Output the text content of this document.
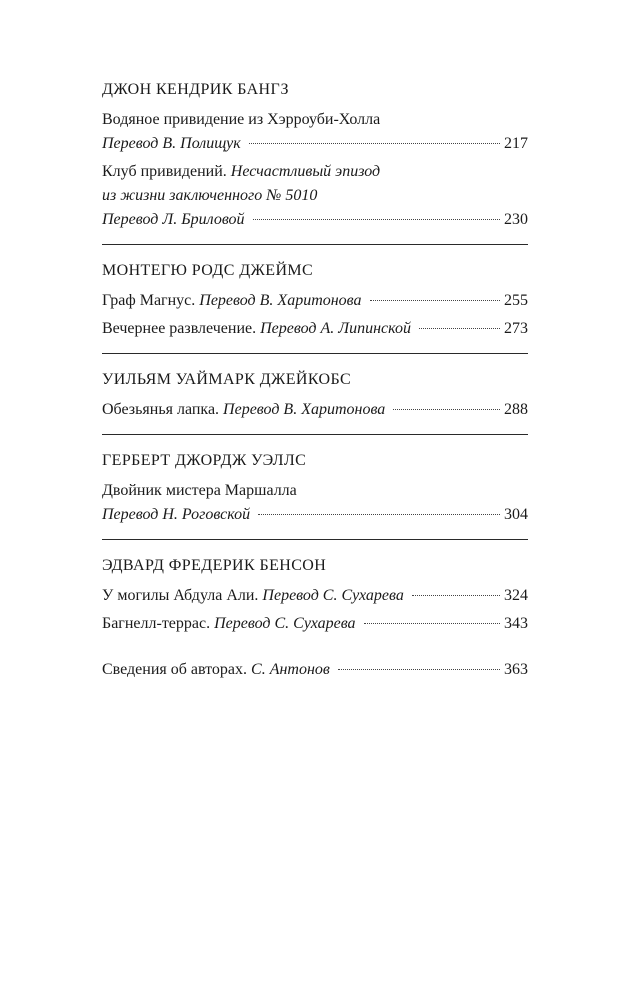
ДЖОН КЕНДРИК БАНГЗ
Водяное привидение из Хэрроуби-Холла
Перевод В. Полищук	217
Клуб привидений. Несчастливый эпизод
из жизни заключенного № 5010
Перевод Л. Бриловой	230
МОНТЕГЮ РОДС ДЖЕЙМС
Граф Магнус.
Перевод В. Харитонова	255
Вечернее развлечение.
Перевод А. Липинской	273
УИЛЬЯМ УАЙМАРК ДЖЕЙКОБС
Обезьянья лапка.
Перевод В. Харитонова	288
ГЕРБЕРТ ДЖОРДЖ УЭЛЛС
Двойник мистера Маршалла
Перевод Н. Роговской	304
ЭДВАРД ФРЕДЕРИК БЕНСОН
У могилы Абдула Али.
Перевод С. Сухарева	324
Багнелл-террас.
Перевод С. Сухарева	343
Сведения об авторах.
С. Антонов	363
